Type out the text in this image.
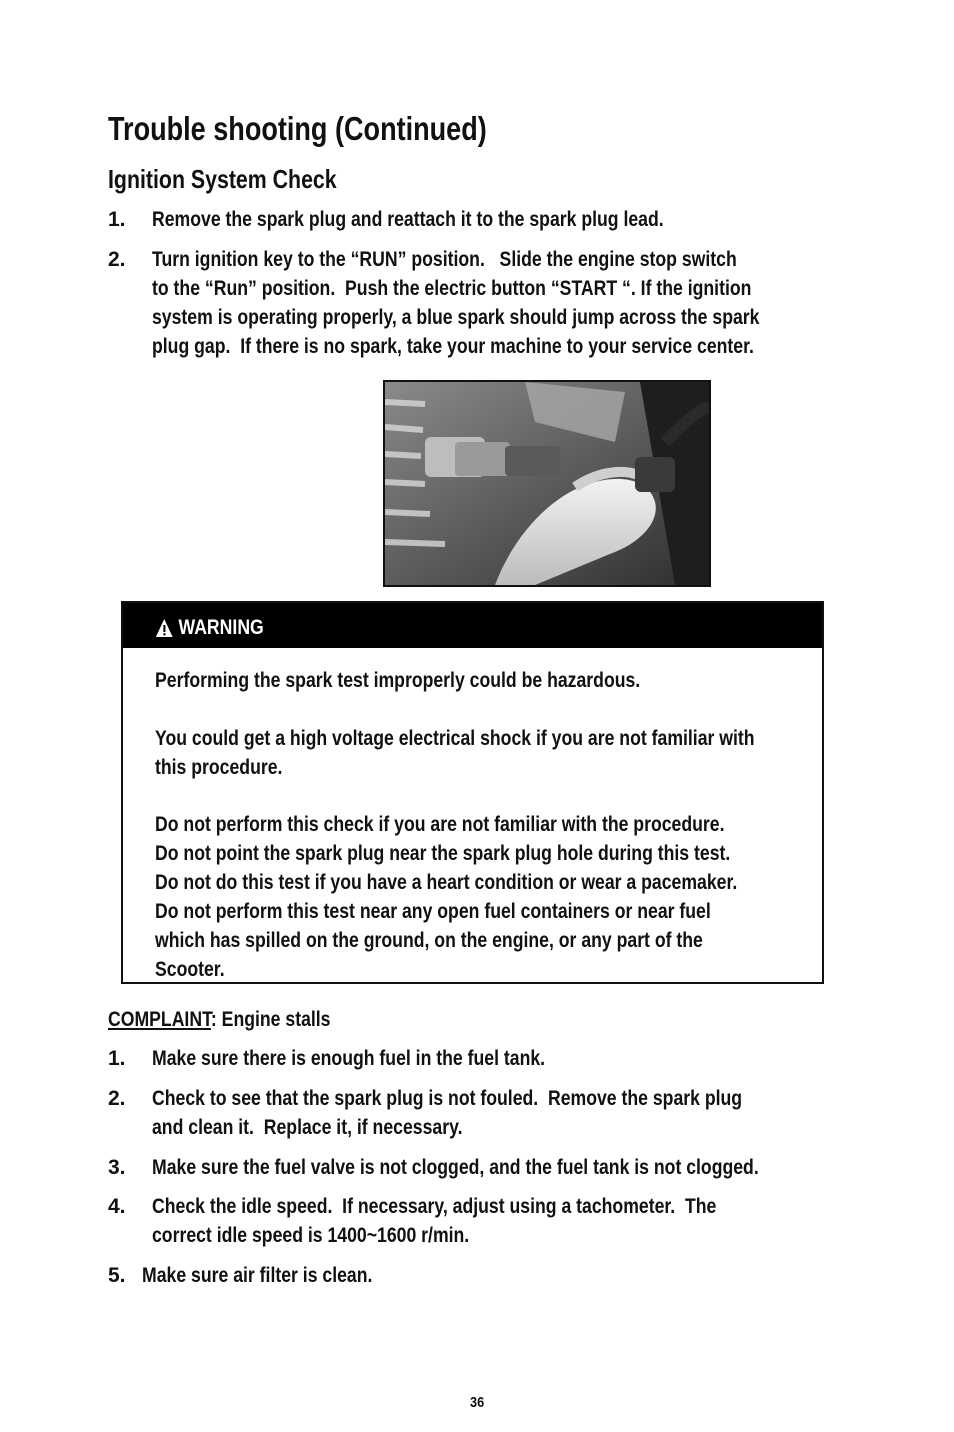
Trouble shooting (Continued)
Ignition System Check
1. Remove the spark plug and reattach it to the spark plug lead.
2. Turn ignition key to the “RUN” position.   Slide the engine stop switch
to the “Run” position.  Push the electric button “START “. If the ignition
system is operating properly, a blue spark should jump across the spark
plug gap.  If there is no spark, take your machine to your service center.
WARNING
Performing the spark test improperly could be hazardous.
You could get a high voltage electrical shock if you are not familiar with
this procedure.
Do not perform this check if you are not familiar with the procedure.
Do not point the spark plug near the spark plug hole during this test.
Do not do this test if you have a heart condition or wear a pacemaker.
Do not perform this test near any open fuel containers or near fuel
which has spilled on the ground, on the engine, or any part of the
Scooter.
COMPLAINT: Engine stalls
1. Make sure there is enough fuel in the fuel tank.
2. Check to see that the spark plug is not fouled.  Remove the spark plug
and clean it.  Replace it, if necessary.
3. Make sure the fuel valve is not clogged, and the fuel tank is not clogged.
4. Check the idle speed.  If necessary, adjust using a tachometer.  The
correct idle speed is 1400~1600 r/min.
5. Make sure air filter is clean.
36
